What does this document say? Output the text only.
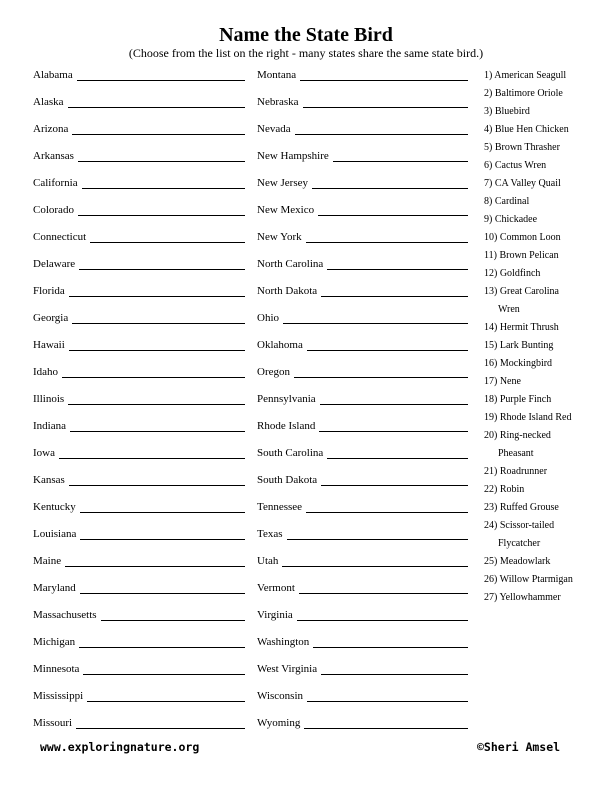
Name the State Bird
(Choose from the list on the right - many states share the same state bird.)
Alabama
Alaska
Arizona
Arkansas
California
Colorado
Connecticut
Delaware
Florida
Georgia
Hawaii
Idaho
Illinois
Indiana
Iowa
Kansas
Kentucky
Louisiana
Maine
Maryland
Massachusetts
Michigan
Minnesota
Mississippi
Missouri
Montana
Nebraska
Nevada
New Hampshire
New Jersey
New Mexico
New York
North Carolina
North Dakota
Ohio
Oklahoma
Oregon
Pennsylvania
Rhode Island
South Carolina
South Dakota
Tennessee
Texas
Utah
Vermont
Virginia
Washington
West Virginia
Wisconsin
Wyoming
1) American Seagull
2) Baltimore Oriole
3) Bluebird
4) Blue Hen Chicken
5) Brown Thrasher
6) Cactus Wren
7) CA Valley Quail
8) Cardinal
9) Chickadee
10) Common Loon
11) Brown Pelican
12) Goldfinch
13) Great Carolina
Wren
14) Hermit Thrush
15) Lark Bunting
16) Mockingbird
17) Nene
18) Purple Finch
19) Rhode Island Red
20) Ring-necked
Pheasant
21) Roadrunner
22) Robin
23) Ruffed Grouse
24) Scissor-tailed
Flycatcher
25) Meadowlark
26) Willow Ptarmigan
27) Yellowhammer
www.exploringnature.org	©Sheri Amsel
